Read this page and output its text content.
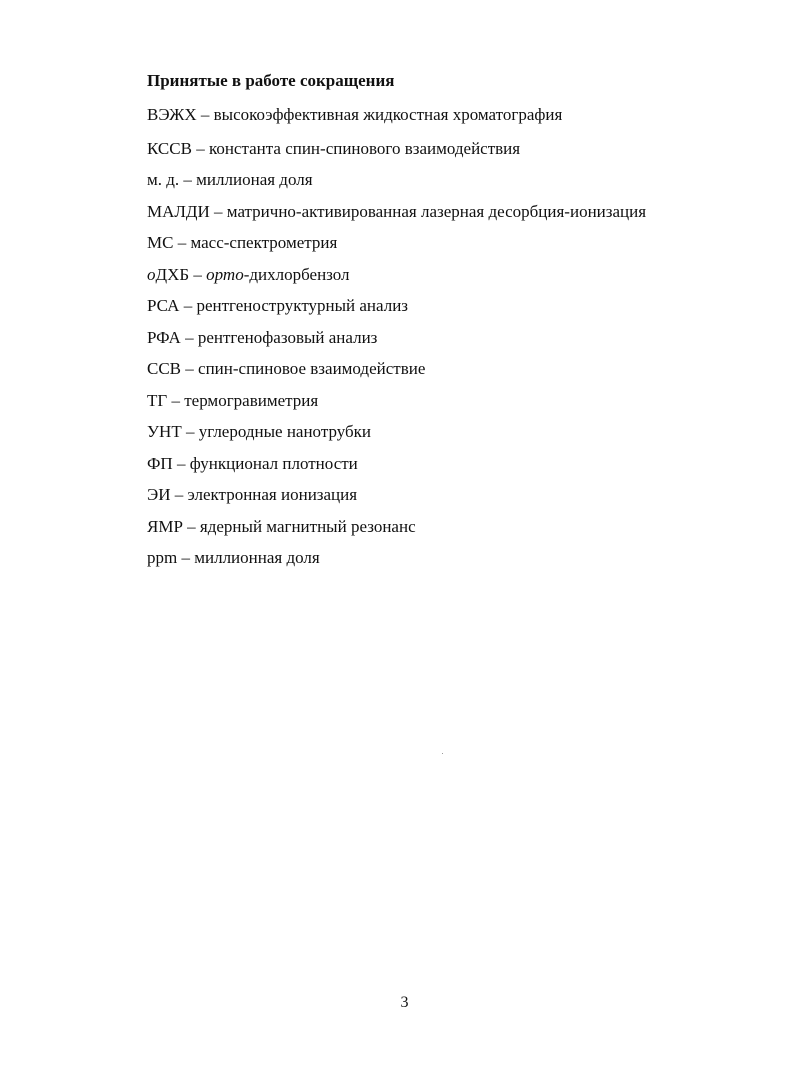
Принятые в работе сокращения
ВЭЖХ – высокоэффективная жидкостная хроматография
КССВ – константа спин-спинового взаимодействия
м. д. – миллионая доля
МАЛДИ – матрично-активированная лазерная десорбция-ионизация
МС – масс-спектрометрия
оДХБ – орто-дихлорбензол
РСА – рентгеноструктурный анализ
РФА – рентгенофазовый анализ
ССВ – спин-спиновое взаимодействие
ТГ – термогравиметрия
УНТ – углеродные нанотрубки
ФП – функционал плотности
ЭИ – электронная ионизация
ЯМР – ядерный магнитный резонанс
ppm – миллионная доля
3
